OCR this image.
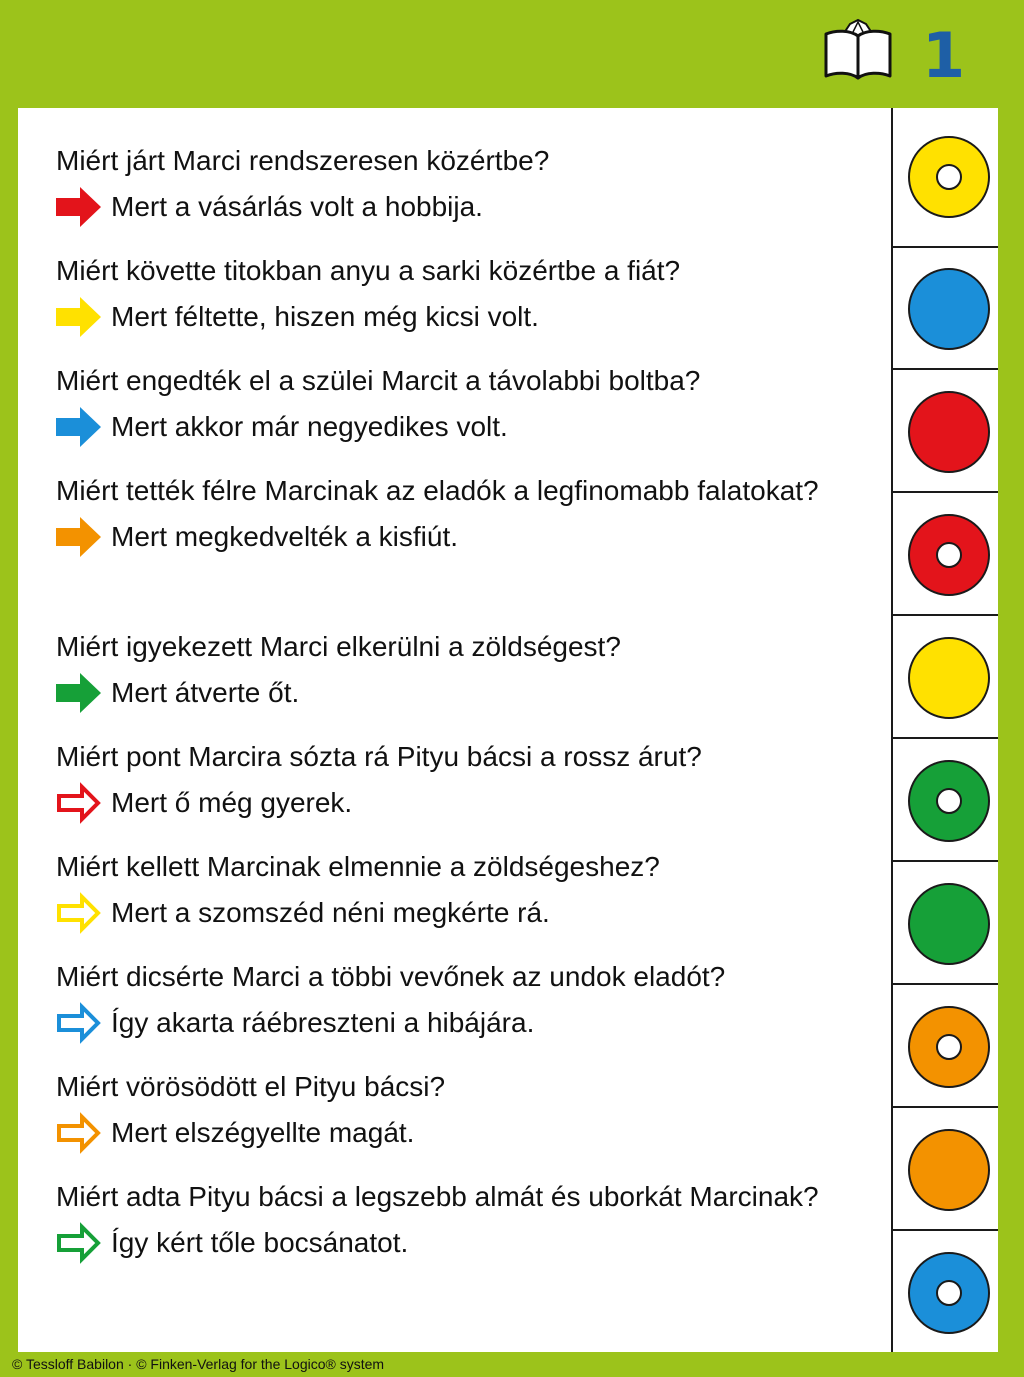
1

Miért járt Marci rendszeresen közértbe?

Mert a vásárlás volt a hobbija.

Miért követte titokban anyu a sarki közértbe a fiát?

Mert féltette, hiszen még kicsi volt.

Miért engedték el a szülei Marcit a távolabbi boltba?

Mert akkor már negyedikes volt.

Miért tették félre Marcinak az eladók a legfinomabb falatokat?

Mert megkedvelték a kisfiút.

Miért igyekezett Marci elkerülni a zöldségest?

Mert átverte őt.

Miért pont Marcira sózta rá Pityu bácsi a rossz árut?

Mert ő még gyerek.

Miért kellett Marcinak elmennie a zöldségeshez?

Mert a szomszéd néni megkérte rá.

Miért dicsérte Marci a többi vevőnek az undok eladót?

Így akarta ráébreszteni a hibájára.

Miért vörösödött el Pityu bácsi?

Mert elszégyellte magát.

Miért adta Pityu bácsi a legszebb almát és uborkát Marcinak?

Így kért tőle bocsánatot.

© Tessloff Babilon · © Finken-Verlag for the Logico® system
